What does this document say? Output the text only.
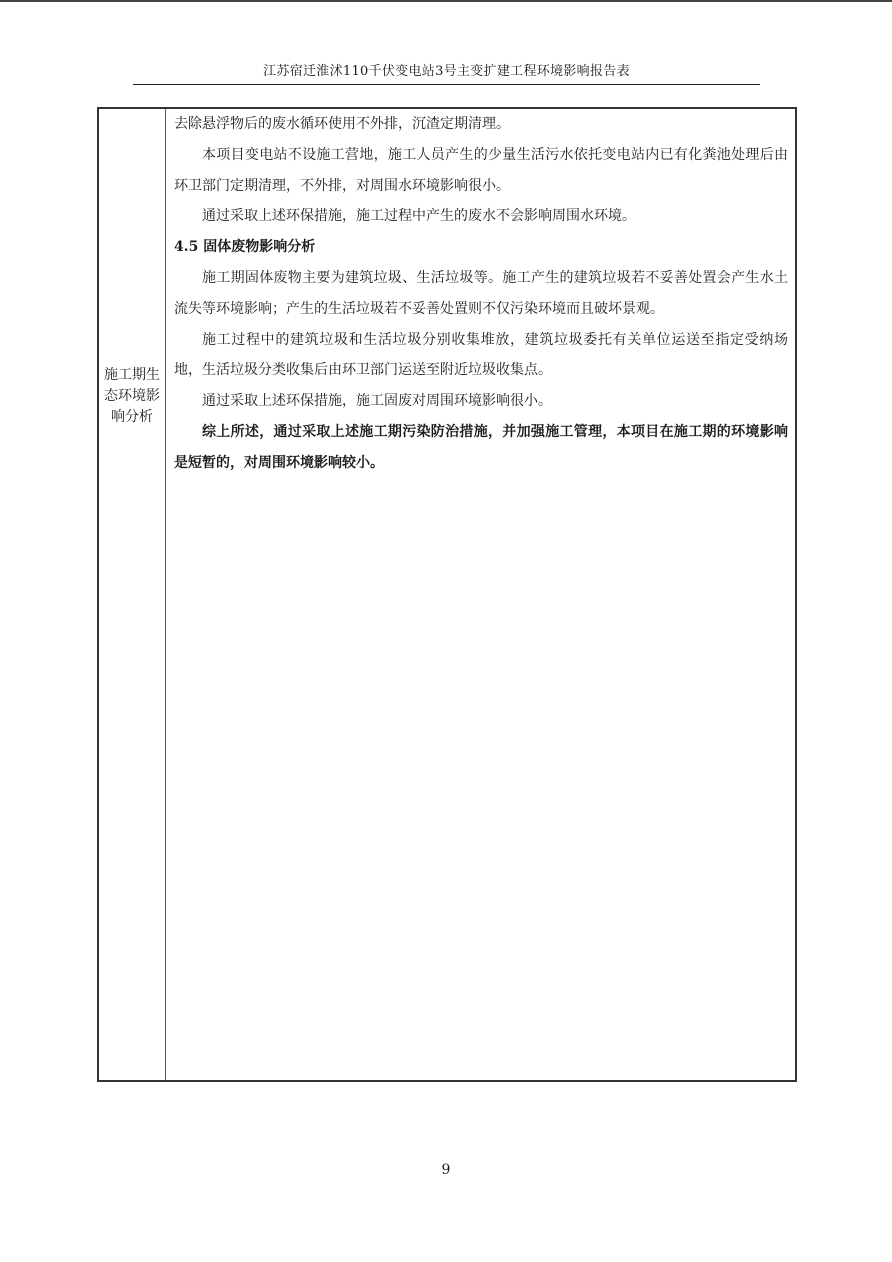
江苏宿迁淮沭110千伏变电站3号主变扩建工程环境影响报告表
施工期生态环境影响分析

去除悬浮物后的废水循环使用不外排，沉渣定期清理。

本项目变电站不设施工营地，施工人员产生的少量生活污水依托变电站内已有化粪池处理后由环卫部门定期清理，不外排，对周围水环境影响很小。

通过采取上述环保措施，施工过程中产生的废水不会影响周围水环境。

4.5 固体废物影响分析

施工期固体废物主要为建筑垃圾、生活垃圾等。施工产生的建筑垃圾若不妥善处置会产生水土流失等环境影响；产生的生活垃圾若不妥善处置则不仅污染环境而且破坏景观。

施工过程中的建筑垃圾和生活垃圾分别收集堆放，建筑垃圾委托有关单位运送至指定受纳场地，生活垃圾分类收集后由环卫部门运送至附近垃圾收集点。

通过采取上述环保措施，施工固废对周围环境影响很小。

综上所述，通过采取上述施工期污染防治措施，并加强施工管理，本项目在施工期的环境影响是短暂的，对周围环境影响较小。

9
